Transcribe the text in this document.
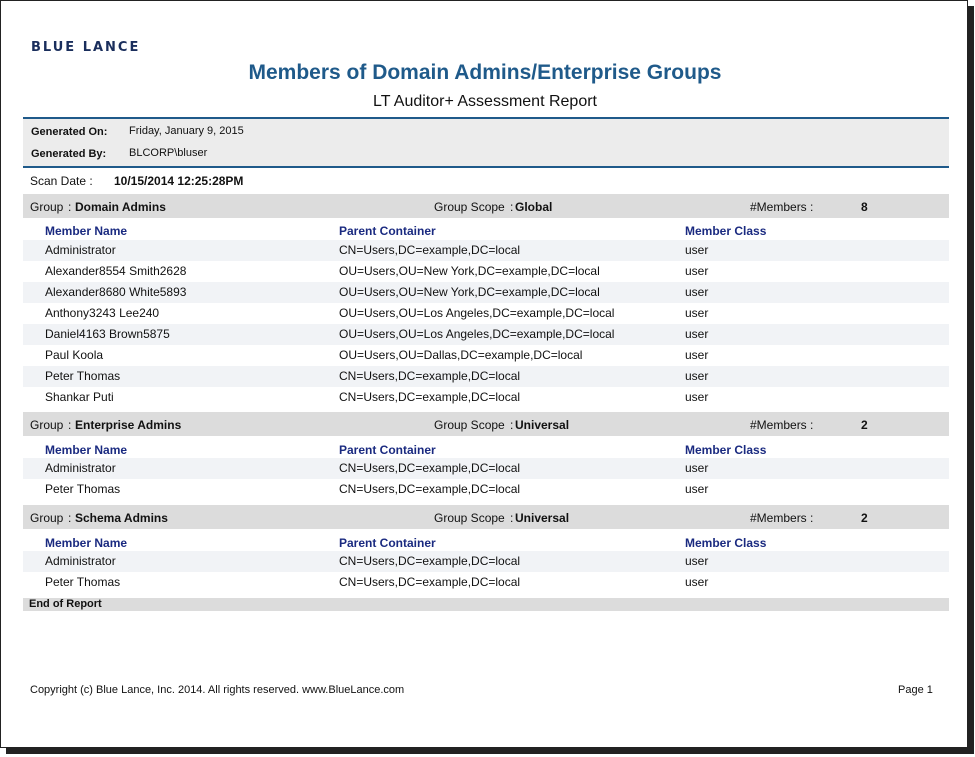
BLUE LANCE
Members of Domain Admins/Enterprise Groups
LT Auditor+ Assessment Report
Generated On: Friday, January 9, 2015
Generated By: BLCORP\bluser
Scan Date : 10/15/2014 12:25:28PM
Group : Domain Admins	Group Scope : Global	#Members :	8
Member Name	Parent Container	Member Class
Administrator	CN=Users,DC=example,DC=local	user
Alexander8554 Smith2628	OU=Users,OU=New York,DC=example,DC=local	user
Alexander8680 White5893	OU=Users,OU=New York,DC=example,DC=local	user
Anthony3243 Lee240	OU=Users,OU=Los Angeles,DC=example,DC=local	user
Daniel4163 Brown5875	OU=Users,OU=Los Angeles,DC=example,DC=local	user
Paul Koola	OU=Users,OU=Dallas,DC=example,DC=local	user
Peter Thomas	CN=Users,DC=example,DC=local	user
Shankar Puti	CN=Users,DC=example,DC=local	user
Group : Enterprise Admins	Group Scope : Universal	#Members :	2
Member Name	Parent Container	Member Class
Administrator	CN=Users,DC=example,DC=local	user
Peter Thomas	CN=Users,DC=example,DC=local	user
Group : Schema Admins	Group Scope : Universal	#Members :	2
Member Name	Parent Container	Member Class
Administrator	CN=Users,DC=example,DC=local	user
Peter Thomas	CN=Users,DC=example,DC=local	user
End of Report
Copyright (c) Blue Lance, Inc. 2014. All rights reserved. www.BlueLance.com	Page 1
